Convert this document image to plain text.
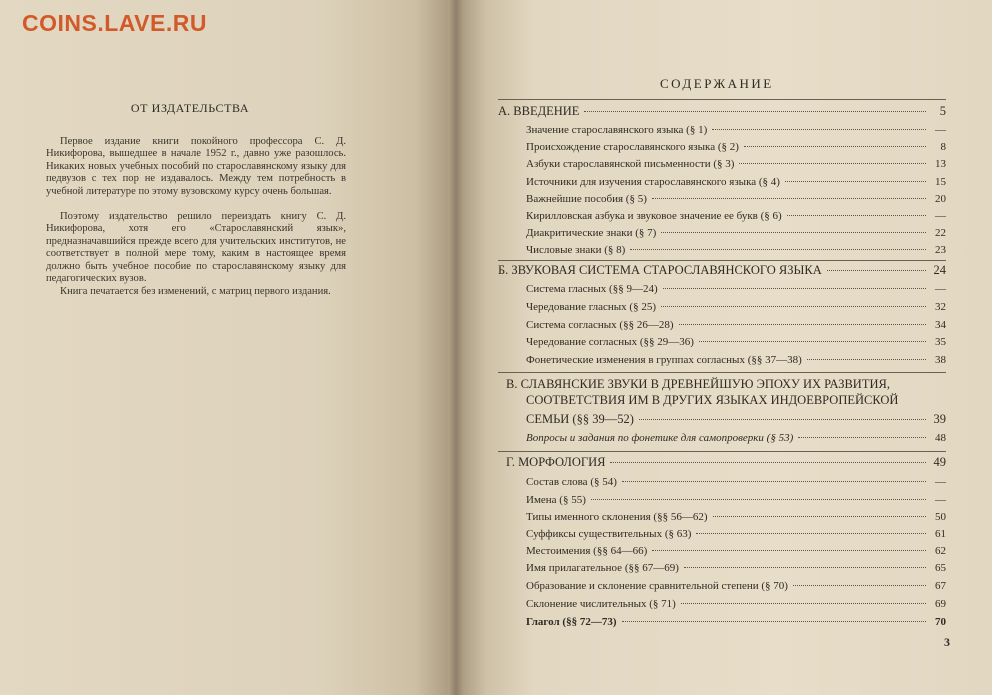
COINS.LAVE.RU
ОТ ИЗДАТЕЛЬСТВА

Первое издание книги покойного профессора С. Д. Никифорова, вышедшее в начале 1952 г., давно уже разошлось. Никаких новых учебных пособий по старославянскому языку для педвузов с тех пор не издавалось. Между тем потребность в учебной литературе по этому вузовскому курсу очень большая.

Поэтому издательство решило переиздать книгу С. Д. Никифорова, хотя его «Старославянский язык», предназначавшийся прежде всего для учительских институтов, не соответствует в полной мере тому, каким в настоящее время должно быть учебное пособие по старославянскому языку для педагогических вузов.

Книга печатается без изменений, с матриц первого издания.

СОДЕРЖАНИЕ
А. ВВЕДЕНИЕ	5
Значение старославянского языка (§ 1)	—
Происхождение старославянского языка (§ 2)	8
Азбуки старославянской письменности (§ 3)	13
Источники для изучения старославянского языка (§ 4)	15
Важнейшие пособия (§ 5)	20
Кирилловская азбука и звуковое значение ее букв (§ 6)	—
Диакритические знаки (§ 7)	22
Числовые знаки (§ 8)	23
Б. ЗВУКОВАЯ СИСТЕМА СТАРОСЛАВЯНСКОГО ЯЗЫКА	24
Система гласных (§§ 9—24)	—
Чередование гласных (§ 25)	32
Система согласных (§§ 26—28)	34
Чередование согласных (§§ 29—36)	35
Фонетические изменения в группах согласных (§§ 37—38)	38
В. СЛАВЯНСКИЕ ЗВУКИ В ДРЕВНЕЙШУЮ ЭПОХУ ИХ РАЗВИТИЯ,
СООТВЕТСТВИЯ ИМ В ДРУГИХ ЯЗЫКАХ ИНДОЕВРОПЕЙСКОЙ
СЕМЬИ (§§ 39—52)	39
Вопросы и задания по фонетике для самопроверки (§ 53)	48
Г. МОРФОЛОГИЯ	49
Состав слова (§ 54)	—
Имена (§ 55)	—
Типы именного склонения (§§ 56—62)	50
Суффиксы существительных (§ 63)	61
Местоимения (§§ 64—66)	62
Имя прилагательное (§§ 67—69)	65
Образование и склонение сравнительной степени (§ 70)	67
Склонение числительных (§ 71)	69
Глагол (§§ 72—73)	70
3
